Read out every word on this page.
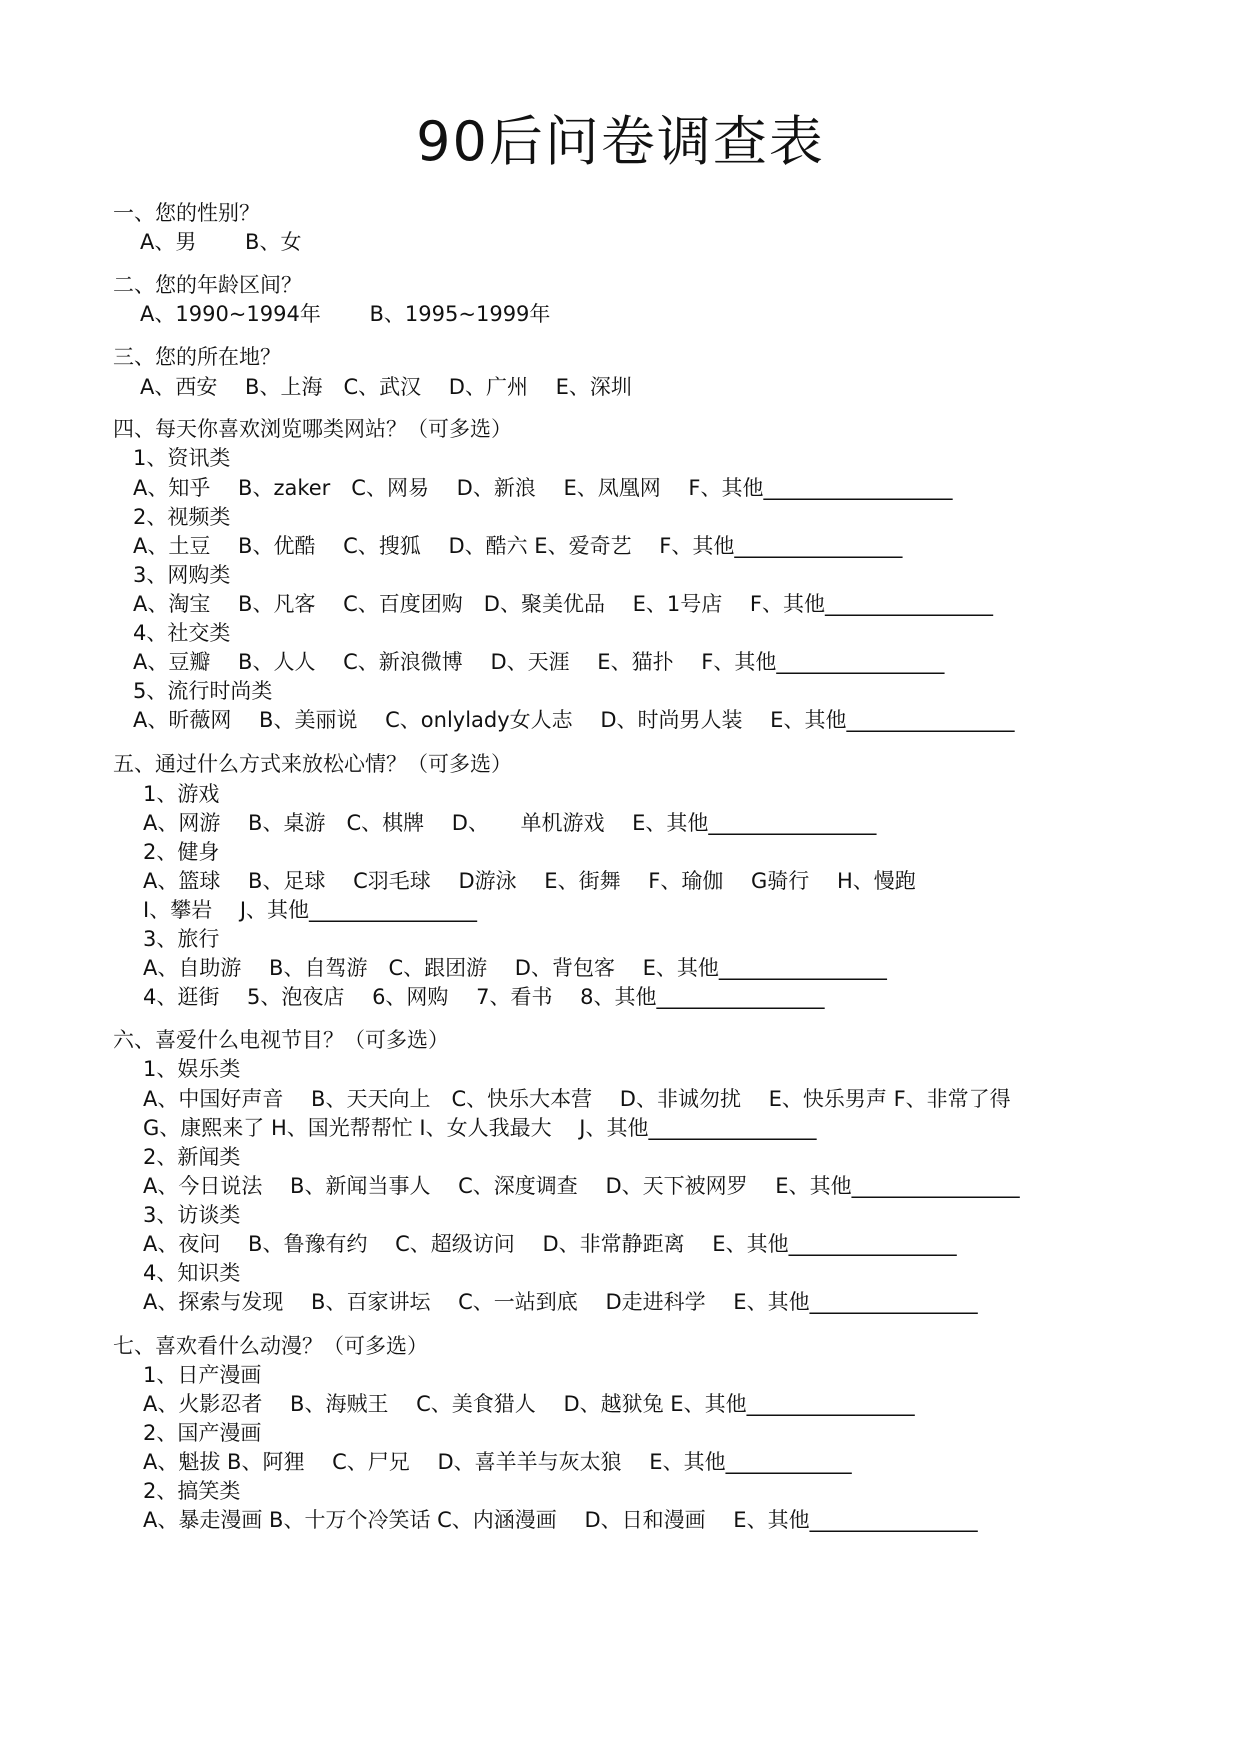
90后问卷调查表
一、您的性别？
A、男　　 B、女
二、您的年龄区间？
A、1990~1994年　　 B、1995~1999年
三、您的所在地？
A、西安　 B、上海　C、武汉　 D、广州　 E、深圳
四、每天你喜欢浏览哪类网站？（可多选）
1、资讯类
A、知乎　 B、zaker　C、网易　 D、新浪　 E、凤凰网　 F、其他__________________
2、视频类
A、土豆　 B、优酷　 C、搜狐　 D、酷六 E、爱奇艺　 F、其他________________
3、网购类
A、淘宝　 B、凡客　 C、百度团购　D、聚美优品　 E、1号店　 F、其他________________
4、社交类
A、豆瓣　 B、人人　 C、新浪微博　 D、天涯　 E、猫扑　 F、其他________________
5、流行时尚类
A、昕薇网　 B、美丽说　 C、onlylady女人志　 D、时尚男人装　 E、其他________________
五、通过什么方式来放松心情？（可多选）
1、游戏
A、网游　 B、桌游　C、棋牌　 D、　　单机游戏　 E、其他________________
2、健身
A、篮球　 B、足球　 C羽毛球　 D游泳　 E、街舞　 F、瑜伽　 G骑行　 H、慢跑
I、攀岩　 J、其他________________
3、旅行
A、自助游　 B、自驾游　C、跟团游　 D、背包客　 E、其他________________
4、逛街　 5、泡夜店　 6、网购　 7、看书　 8、其他________________
六、喜爱什么电视节目？（可多选）
1、娱乐类
A、中国好声音　 B、天天向上　C、快乐大本营　 D、非诚勿扰　 E、快乐男声 F、非常了得
G、康熙来了 H、国光帮帮忙 I、女人我最大　 J、其他________________
2、新闻类
A、今日说法　 B、新闻当事人　 C、深度调查　 D、天下被网罗　 E、其他________________
3、访谈类
A、夜问　 B、鲁豫有约　 C、超级访问　 D、非常静距离　 E、其他________________
4、知识类
A、探索与发现　 B、百家讲坛　 C、一站到底　 D走进科学　 E、其他________________
七、喜欢看什么动漫？（可多选）
1、日产漫画
A、火影忍者　 B、海贼王　 C、美食猎人　 D、越狱兔 E、其他________________
2、国产漫画
A、魁拔 B、阿狸　 C、尸兄　 D、喜羊羊与灰太狼　 E、其他____________
2、搞笑类
A、暴走漫画 B、十万个冷笑话 C、内涵漫画　 D、日和漫画　 E、其他________________
